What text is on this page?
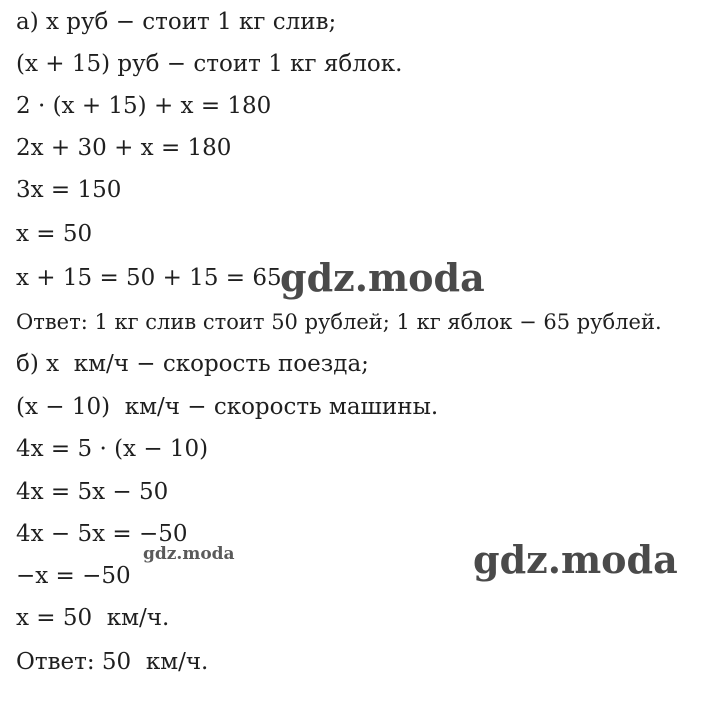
а) x руб − стоит 1 кг слив;
(x + 15) руб − стоит 1 кг яблок.
2 · (x + 15) + x = 180
2x + 30 + x = 180
3x = 150
x = 50
x + 15 = 50 + 15 = 65
Ответ: 1 кг слив стоит 50 рублей; 1 кг яблок − 65 рублей.
б) x  км/ч − скорость поезда;
(x − 10)  км/ч − скорость машины.
4x = 5 · (x − 10)
4x = 5x − 50
4x − 5x = −50
−x = −50
x = 50  км/ч.
Ответ: 50  км/ч.
gdz.moda
gdz.moda	gdz.moda
